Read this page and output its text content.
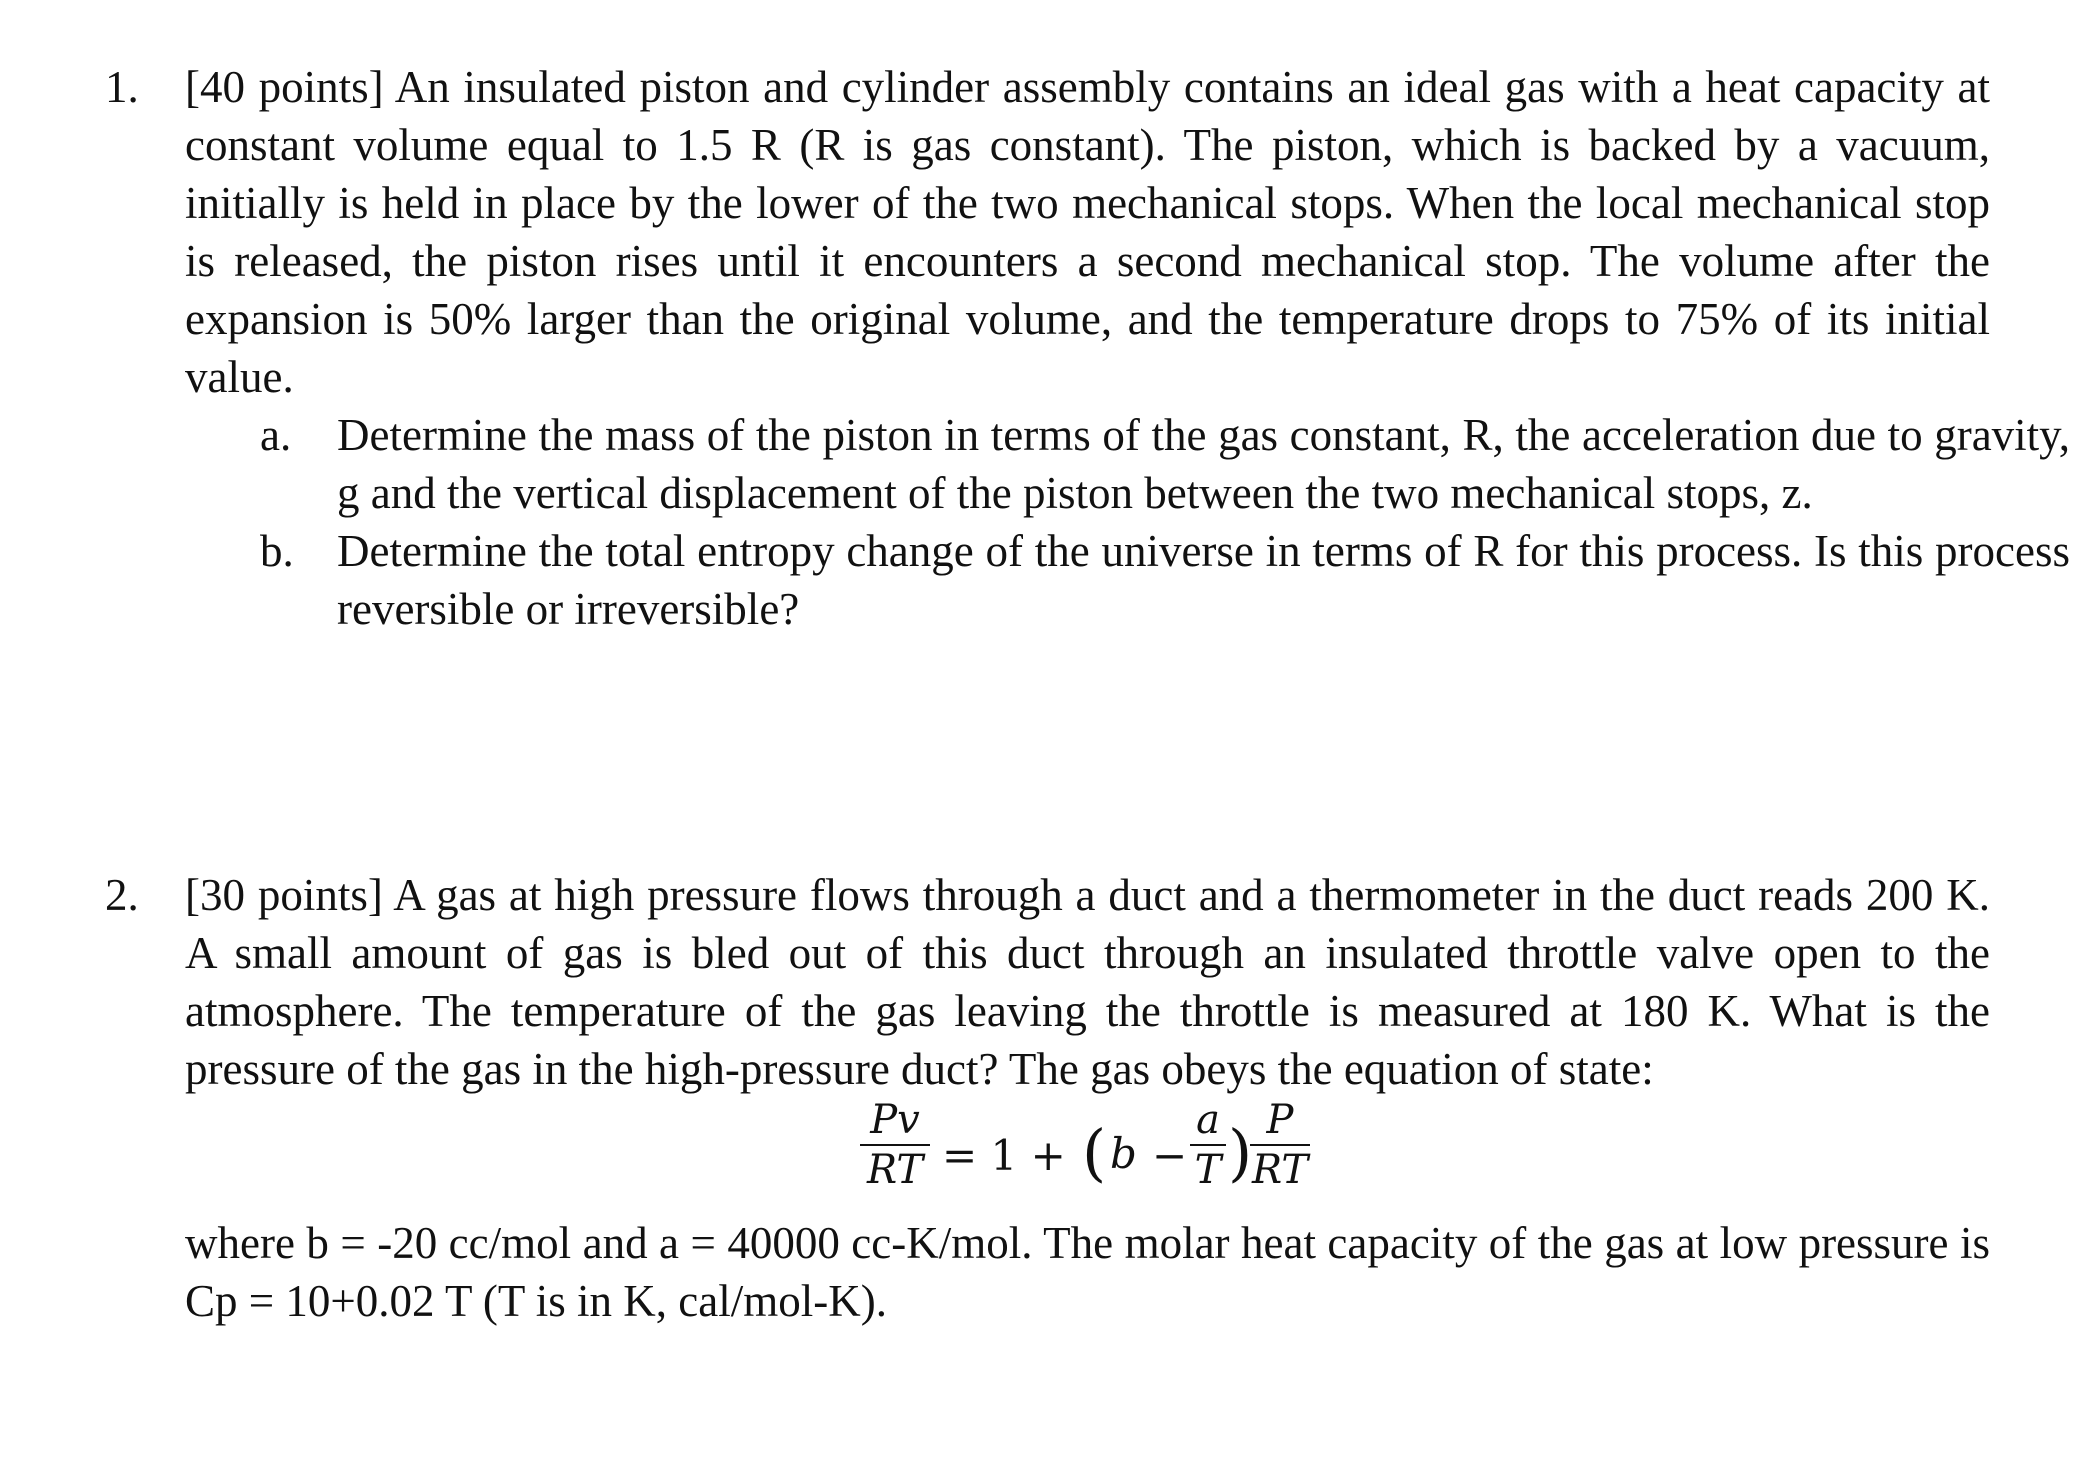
1. [40 points] An insulated piston and cylinder assembly contains an ideal gas with a heat capacity at constant volume equal to 1.5 R (R is gas constant). The piston, which is backed by a vacuum, initially is held in place by the lower of the two mechanical stops. When the local mechanical stop is released, the piston rises until it encounters a second mechanical stop. The volume after the expansion is 50% larger than the original volume, and the temperature drops to 75% of its initial value.

a. Determine the mass of the piston in terms of the gas constant, R, the acceleration due to gravity, g and the vertical displacement of the piston between the two mechanical stops, z.
b. Determine the total entropy change of the universe in terms of R for this process. Is this process reversible or irreversible?
2. [30 points] A gas at high pressure flows through a duct and a thermometer in the duct reads 200 K. A small amount of gas is bled out of this duct through an insulated throttle valve open to the atmosphere. The temperature of the gas leaving the throttle is measured at 180 K. What is the pressure of the gas in the high-pressure duct? The gas obeys the equation of state:

Pv
RT = 1 + ( b −
a
T ) P
RT

where b = -20 cc/mol and a = 40000 cc-K/mol. The molar heat capacity of the gas at low pressure is Cp = 10+0.02 T (T is in K, cal/mol-K).
